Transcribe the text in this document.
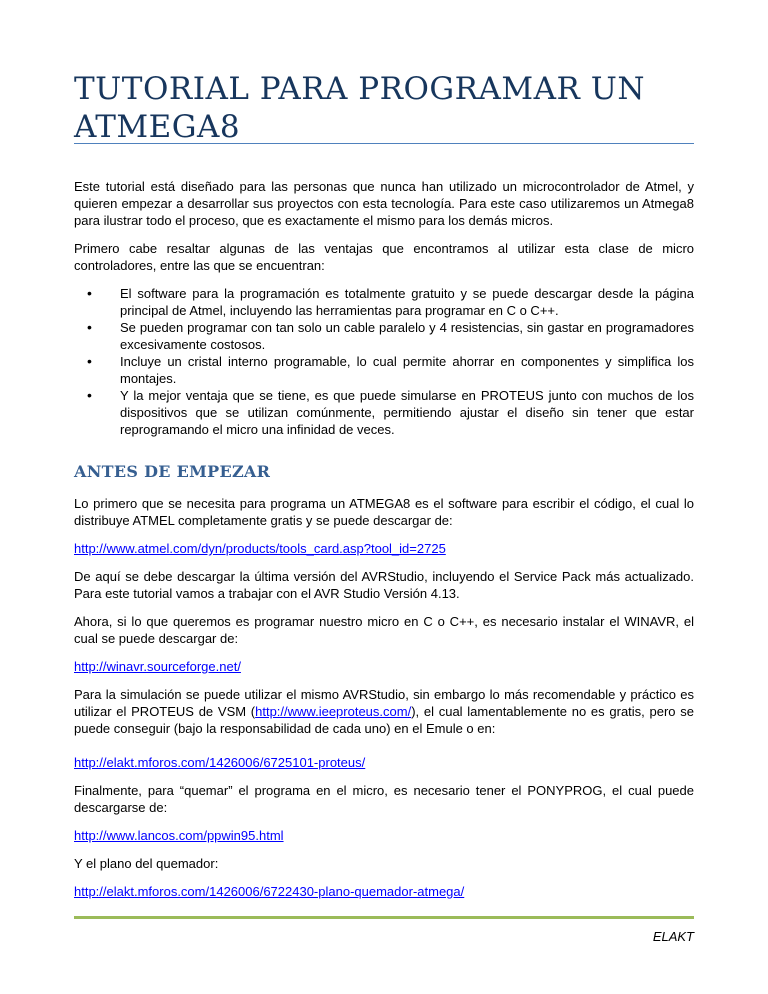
TUTORIAL PARA PROGRAMAR UN ATMEGA8

Este tutorial está diseñado para las personas que nunca han utilizado un microcontrolador de Atmel, y quieren empezar a desarrollar sus proyectos con esta tecnología. Para este caso utilizaremos un Atmega8 para ilustrar todo el proceso, que es exactamente el mismo para los demás micros.

Primero cabe resaltar algunas de las ventajas que encontramos al utilizar esta clase de micro controladores, entre las que se encuentran:

• El software para la programación es totalmente gratuito y se puede descargar desde la página principal de Atmel, incluyendo las herramientas para programar en C o C++.
• Se pueden programar con tan solo un cable paralelo y 4 resistencias, sin gastar en programadores excesivamente costosos.
• Incluye un cristal interno programable, lo cual permite ahorrar en componentes y simplifica los montajes.
• Y la mejor ventaja que se tiene, es que puede simularse en PROTEUS junto con muchos de los dispositivos que se utilizan comúnmente, permitiendo ajustar el diseño sin tener que estar reprogramando el micro una infinidad de veces.
ANTES DE EMPEZAR

Lo primero que se necesita para programa un ATMEGA8 es el software para escribir el código, el cual lo distribuye ATMEL completamente gratis y se puede descargar de:

http://www.atmel.com/dyn/products/tools_card.asp?tool_id=2725

De aquí se debe descargar la última versión del AVRStudio, incluyendo el Service Pack más actualizado. Para este tutorial vamos a trabajar con el AVR Studio Versión 4.13.

Ahora, si lo que queremos es programar nuestro micro en C o C++, es necesario instalar el WINAVR, el cual se puede descargar de:

http://winavr.sourceforge.net/

Para la simulación se puede utilizar el mismo AVRStudio, sin embargo lo más recomendable y práctico es utilizar el PROTEUS de VSM (http://www.ieeproteus.com/), el cual lamentablemente no es gratis, pero se puede conseguir (bajo la responsabilidad de cada uno) en el Emule o en:

http://elakt.mforos.com/1426006/6725101-proteus/

Finalmente, para “quemar” el programa en el micro, es necesario tener el PONYPROG, el cual puede descargarse de:

http://www.lancos.com/ppwin95.html

Y el plano del quemador:

http://elakt.mforos.com/1426006/6722430-plano-quemador-atmega/

ELAKT
